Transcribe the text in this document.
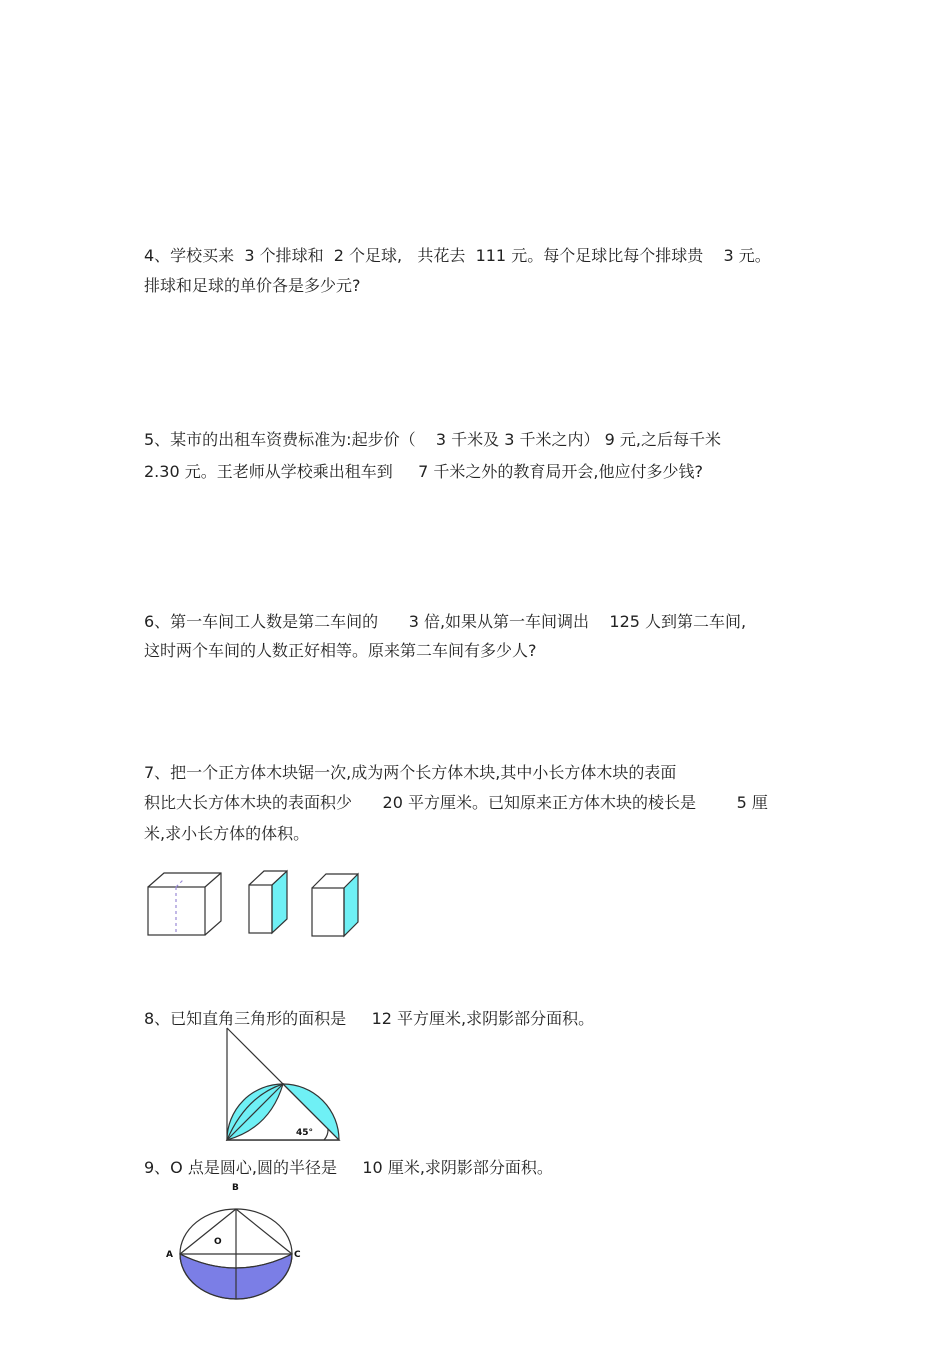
4、学校买来  3 个排球和  2 个足球,   共花去  111 元。每个足球比每个排球贵    3 元。
排球和足球的单价各是多少元?
5、某市的出租车资费标准为:起步价（    3 千米及 3 千米之内） 9 元,之后每千米
2.30 元。王老师从学校乘出租车到     7 千米之外的教育局开会,他应付多少钱?
6、第一车间工人数是第二车间的      3 倍,如果从第一车间调出    125 人到第二车间,
这时两个车间的人数正好相等。原来第二车间有多少人?
7、把一个正方体木块锯一次,成为两个长方体木块,其中小长方体木块的表面
积比大长方体木块的表面积少      20 平方厘米。已知原来正方体木块的棱长是        5 厘
米,求小长方体的体积。
8、已知直角三角形的面积是     12 平方厘米,求阴影部分面积。
45°
9、O 点是圆心,圆的半径是     10 厘米,求阴影部分面积。
B
A	C
O
